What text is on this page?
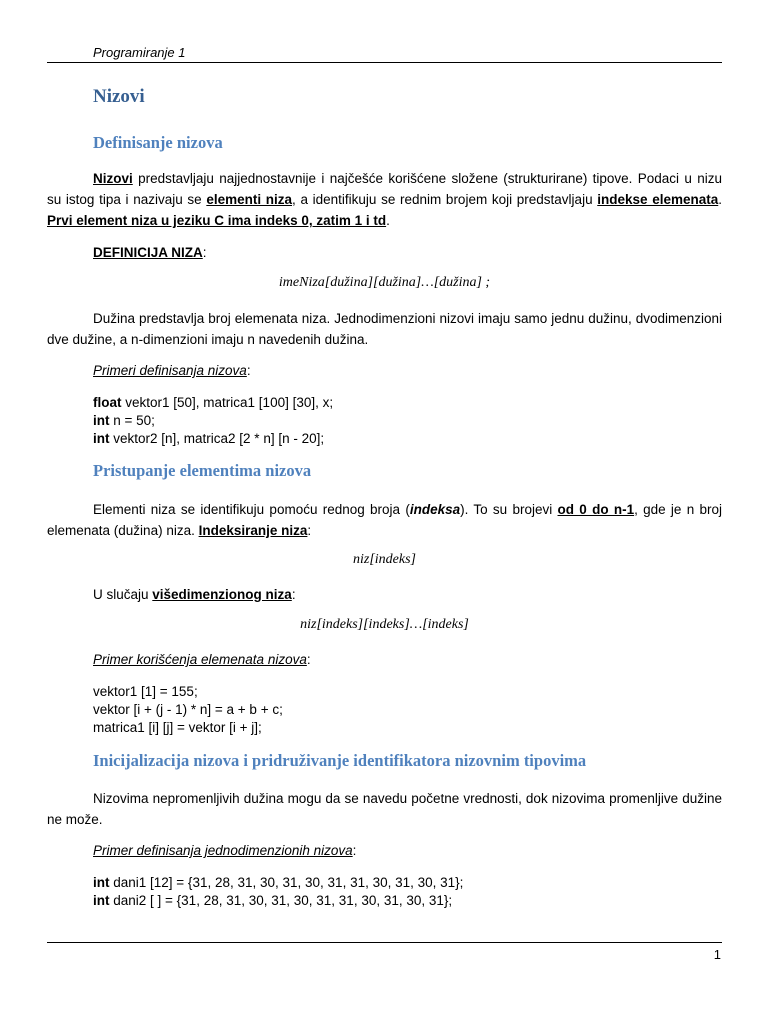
Programiranje 1
Nizovi
Definisanje nizova
Nizovi predstavljaju najjednostavnije i najčešće korišćene složene (strukturirane) tipove. Podaci u nizu su istog tipa i nazivaju se elementi niza, a identifikuju se rednim brojem koji predstavljaju indekse elemenata. Prvi element niza u jeziku C ima indeks 0, zatim 1 i td.
DEFINICIJA NIZA:
imeNiza[dužina][dužina]…[dužina] ;
Dužina predstavlja broj elemenata niza. Jednodimenzioni nizovi imaju samo jednu dužinu, dvodimenzioni dve dužine, a n-dimenzioni imaju n navedenih dužina.
Primeri definisanja nizova:
float vektor1 [50], matrica1 [100] [30], x;
int n = 50;
int vektor2 [n], matrica2 [2 * n] [n - 20];
Pristupanje elementima nizova
Elementi niza se identifikuju pomoću rednog broja (indeksa). To su brojevi od 0 do n-1, gde je n broj elemenata (dužina) niza. Indeksiranje niza:
niz[indeks]
U slučaju višedimenzionog niza:
niz[indeks][indeks]…[indeks]
Primer korišćenja elemenata nizova:
vektor1 [1] = 155;
vektor [i + (j - 1) * n] = a + b + c;
matrica1 [i] [j] = vektor [i + j];
Inicijalizacija nizova i pridruživanje identifikatora nizovnim tipovima
Nizovima nepromenljivih dužina mogu da se navedu početne vrednosti, dok nizovima promenljive dužine ne može.
Primer definisanja jednodimenzionih nizova:
int dani1 [12] = {31, 28, 31, 30, 31, 30, 31, 31, 30, 31, 30, 31};
int dani2 [ ] = {31, 28, 31, 30, 31, 30, 31, 31, 30, 31, 30, 31};
1
